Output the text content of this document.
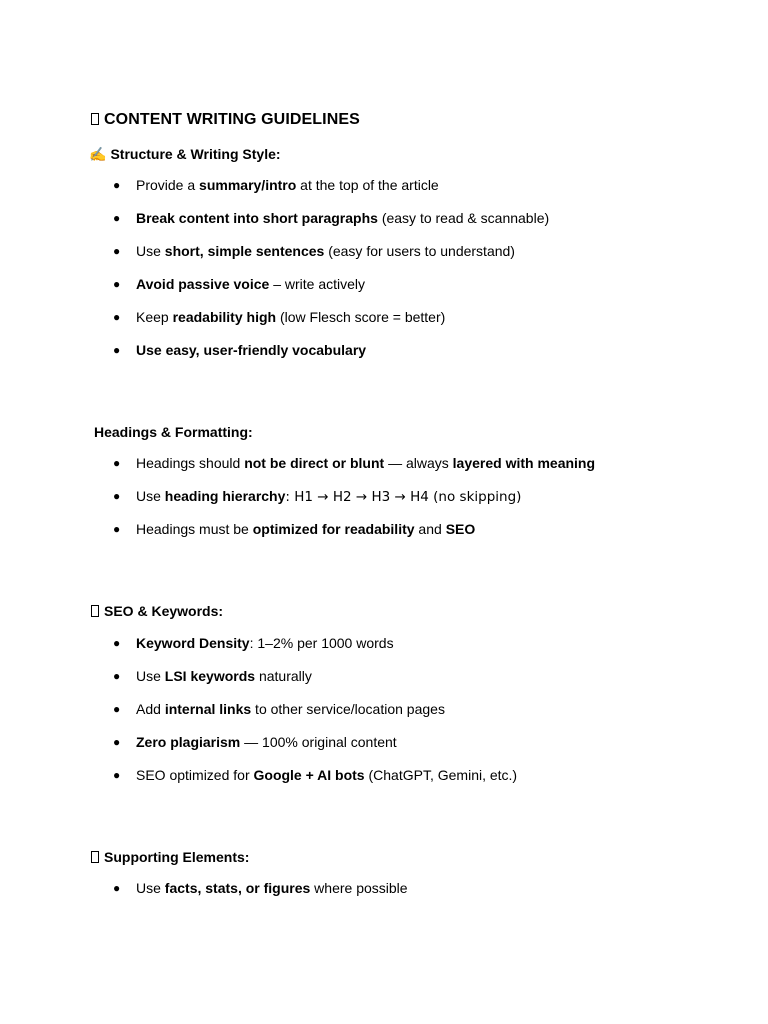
CONTENT WRITING GUIDELINES
✍ Structure & Writing Style:
● Provide a summary/intro at the top of the article
● Break content into short paragraphs (easy to read & scannable)
● Use short, simple sentences (easy for users to understand)
● Avoid passive voice – write actively
● Keep readability high (low Flesch score = better)
● Use easy, user-friendly vocabulary
Headings & Formatting:
● Headings should not be direct or blunt — always layered with meaning
● Use heading hierarchy: H1 → H2 → H3 → H4 (no skipping)
● Headings must be optimized for readability and SEO
SEO & Keywords:
● Keyword Density: 1–2% per 1000 words
● Use LSI keywords naturally
● Add internal links to other service/location pages
● Zero plagiarism — 100% original content
● SEO optimized for Google + AI bots (ChatGPT, Gemini, etc.)
Supporting Elements:
● Use facts, stats, or figures where possible
